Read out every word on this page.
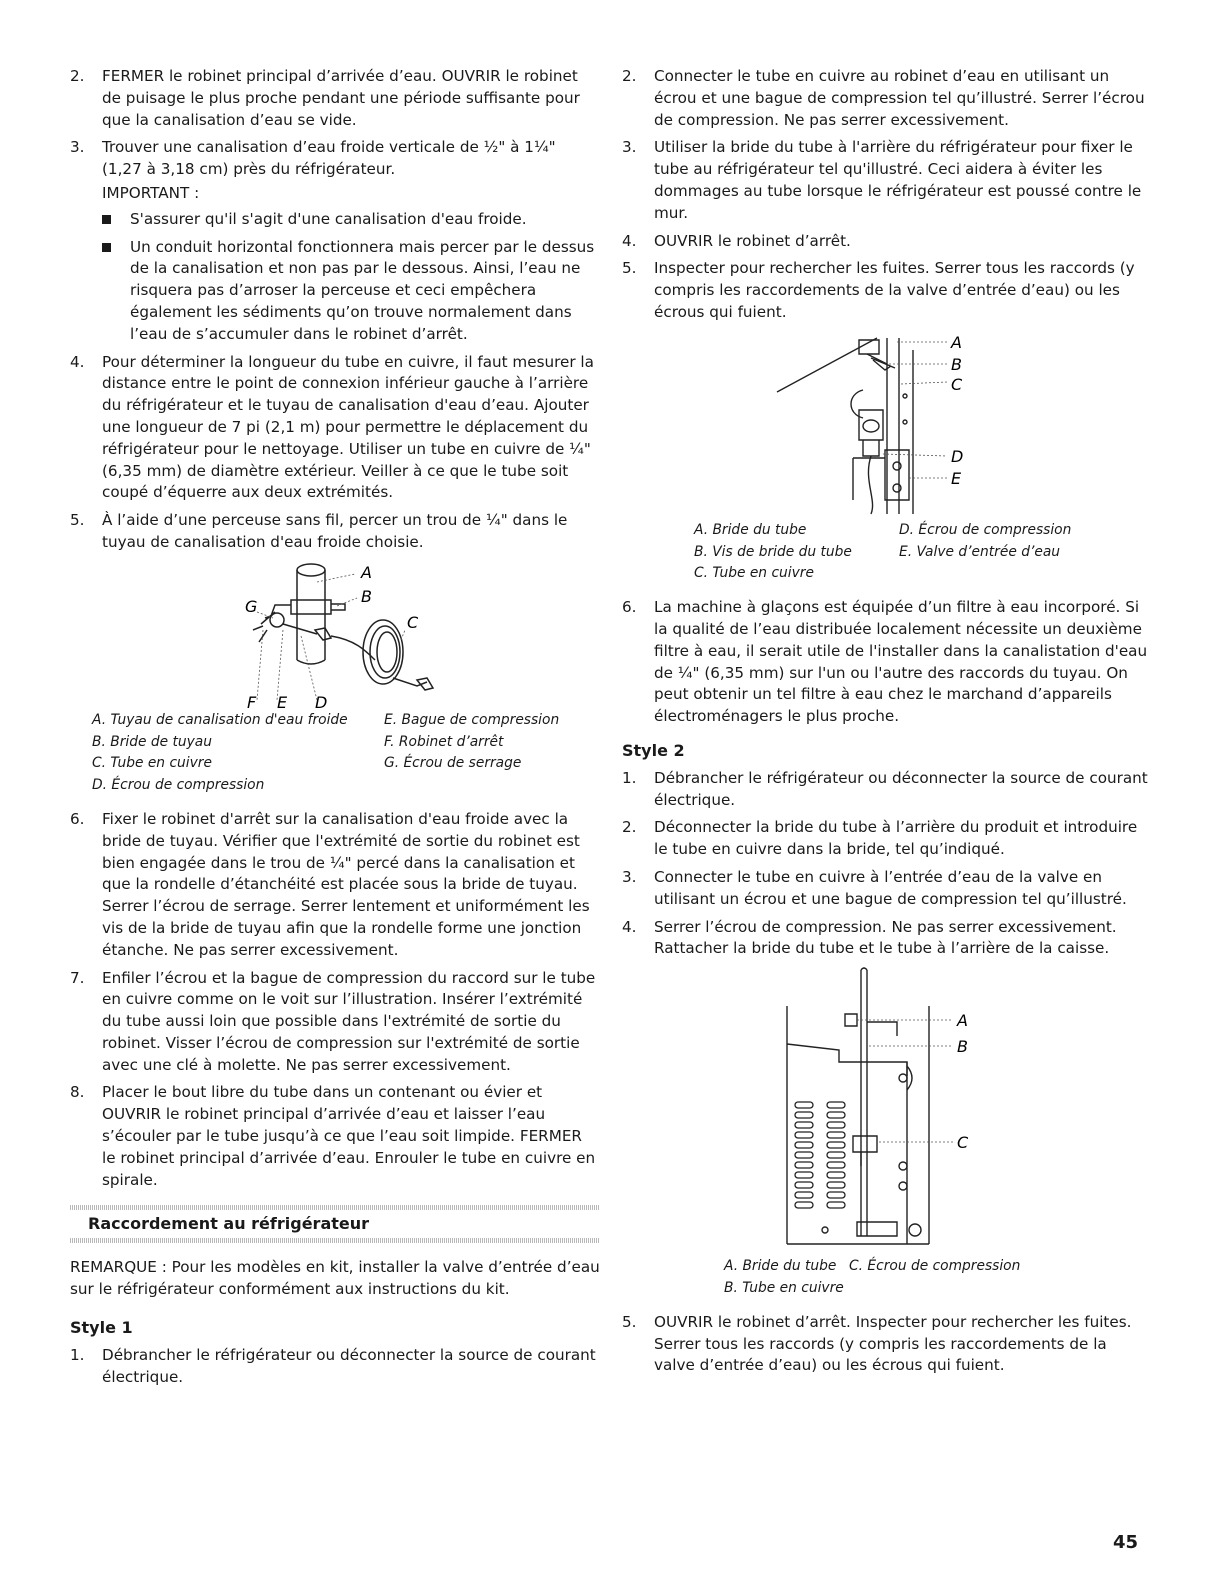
2. FERMER le robinet principal d’arrivée d’eau. OUVRIR le robinet de puisage le plus proche pendant une période suffisante pour que la canalisation d’eau se vide.
3. Trouver une canalisation d’eau froide verticale de ½" à 1¼" (1,27 à 3,18 cm) près du réfrigérateur.
IMPORTANT :
S'assurer qu'il s'agit d'une canalisation d'eau froide.
Un conduit horizontal fonctionnera mais percer par le dessus de la canalisation et non pas par le dessous. Ainsi, l’eau ne risquera pas d’arroser la perceuse et ceci empêchera également les sédiments qu’on trouve normalement dans l’eau de s’accumuler dans le robinet d’arrêt.
4. Pour déterminer la longueur du tube en cuivre, il faut mesurer la distance entre le point de connexion inférieur gauche à l’arrière du réfrigérateur et le tuyau de canalisation d'eau d’eau. Ajouter une longueur de 7 pi (2,1 m) pour permettre le déplacement du réfrigérateur pour le nettoyage. Utiliser un tube en cuivre de ¼" (6,35 mm) de diamètre extérieur. Veiller à ce que le tube soit coupé d’équerre aux deux extrémités.
5. À l’aide d’une perceuse sans fil, percer un trou de ¼" dans le tuyau de canalisation d'eau froide choisie.
A
B
C
D
E
F
G
A. Tuyau de canalisation d'eau froide	E. Bague de compression
B. Bride de tuyau	F. Robinet d’arrêt
C. Tube en cuivre	G. Écrou de serrage
D. Écrou de compression
6. Fixer le robinet d'arrêt sur la canalisation d'eau froide avec la bride de tuyau. Vérifier que l'extrémité de sortie du robinet est bien engagée dans le trou de ¼" percé dans la canalisation et que la rondelle d’étanchéité est placée sous la bride de tuyau. Serrer l’écrou de serrage. Serrer lentement et uniformément les vis de la bride de tuyau afin que la rondelle forme une jonction étanche. Ne pas serrer excessivement.
7. Enfiler l’écrou et la bague de compression du raccord sur le tube en cuivre comme on le voit sur l’illustration. Insérer l’extrémité du tube aussi loin que possible dans l'extrémité de sortie du robinet. Visser l’écrou de compression sur l'extrémité de sortie avec une clé à molette. Ne pas serrer excessivement.
8. Placer le bout libre du tube dans un contenant ou évier et OUVRIR le robinet principal d’arrivée d’eau et laisser l’eau s’écouler par le tube jusqu’à ce que l’eau soit limpide. FERMER le robinet principal d’arrivée d’eau. Enrouler le tube en cuivre en spirale.
Raccordement au réfrigérateur
REMARQUE : Pour les modèles en kit, installer la valve d’entrée d’eau sur le réfrigérateur conformément aux instructions du kit.
Style 1
1. Débrancher le réfrigérateur ou déconnecter la source de courant électrique.
2. Connecter le tube en cuivre au robinet d’eau en utilisant un écrou et une bague de compression tel qu’illustré. Serrer l’écrou de compression. Ne pas serrer excessivement.
3. Utiliser la bride du tube à l'arrière du réfrigérateur pour fixer le tube au réfrigérateur tel qu'illustré. Ceci aidera à éviter les dommages au tube lorsque le réfrigérateur est poussé contre le mur.
4. OUVRIR le robinet d’arrêt.
5. Inspecter pour rechercher les fuites. Serrer tous les raccords (y compris les raccordements de la valve d’entrée d’eau) ou les écrous qui fuient.
A
B
C
D
E
A. Bride du tube	D. Écrou de compression
B. Vis de bride du tube	E. Valve d’entrée d’eau
C. Tube en cuivre
6. La machine à glaçons est équipée d’un filtre à eau incorporé. Si la qualité de l’eau distribuée localement nécessite un deuxième filtre à eau, il serait utile de l'installer dans la canalistation d'eau de ¼" (6,35 mm) sur l'un ou l'autre des raccords du tuyau. On peut obtenir un tel filtre à eau chez le marchand d’appareils électroménagers le plus proche.
Style 2
1. Débrancher le réfrigérateur ou déconnecter la source de courant électrique.
2. Déconnecter la bride du tube à l’arrière du produit et introduire le tube en cuivre dans la bride, tel qu’indiqué.
3. Connecter le tube en cuivre à l’entrée d’eau de la valve en utilisant un écrou et une bague de compression tel qu’illustré.
4. Serrer l’écrou de compression. Ne pas serrer excessivement. Rattacher la bride du tube et le tube à l’arrière de la caisse.
A
B
C
A. Bride du tube C. Écrou de compression
B. Tube en cuivre
5. OUVRIR le robinet d’arrêt. Inspecter pour rechercher les fuites. Serrer tous les raccords (y compris les raccordements de la valve d’entrée d’eau) ou les écrous qui fuient.
45
